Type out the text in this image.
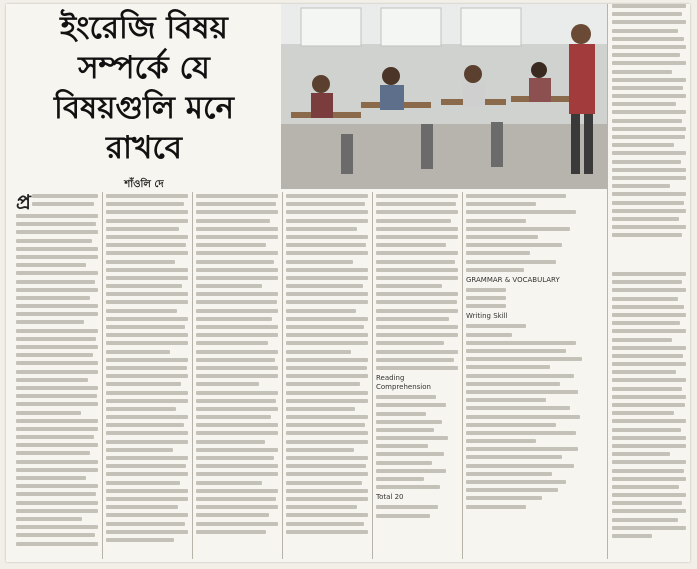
ইংরেজি বিষয়
সম্পর্কে যে
বিষয়গুলি মনে
রাখবে
শাঁওলি দে
প্র
Reading Comprehension
Total 20
GRAMMAR & VOCABULARY
Writing Skill
